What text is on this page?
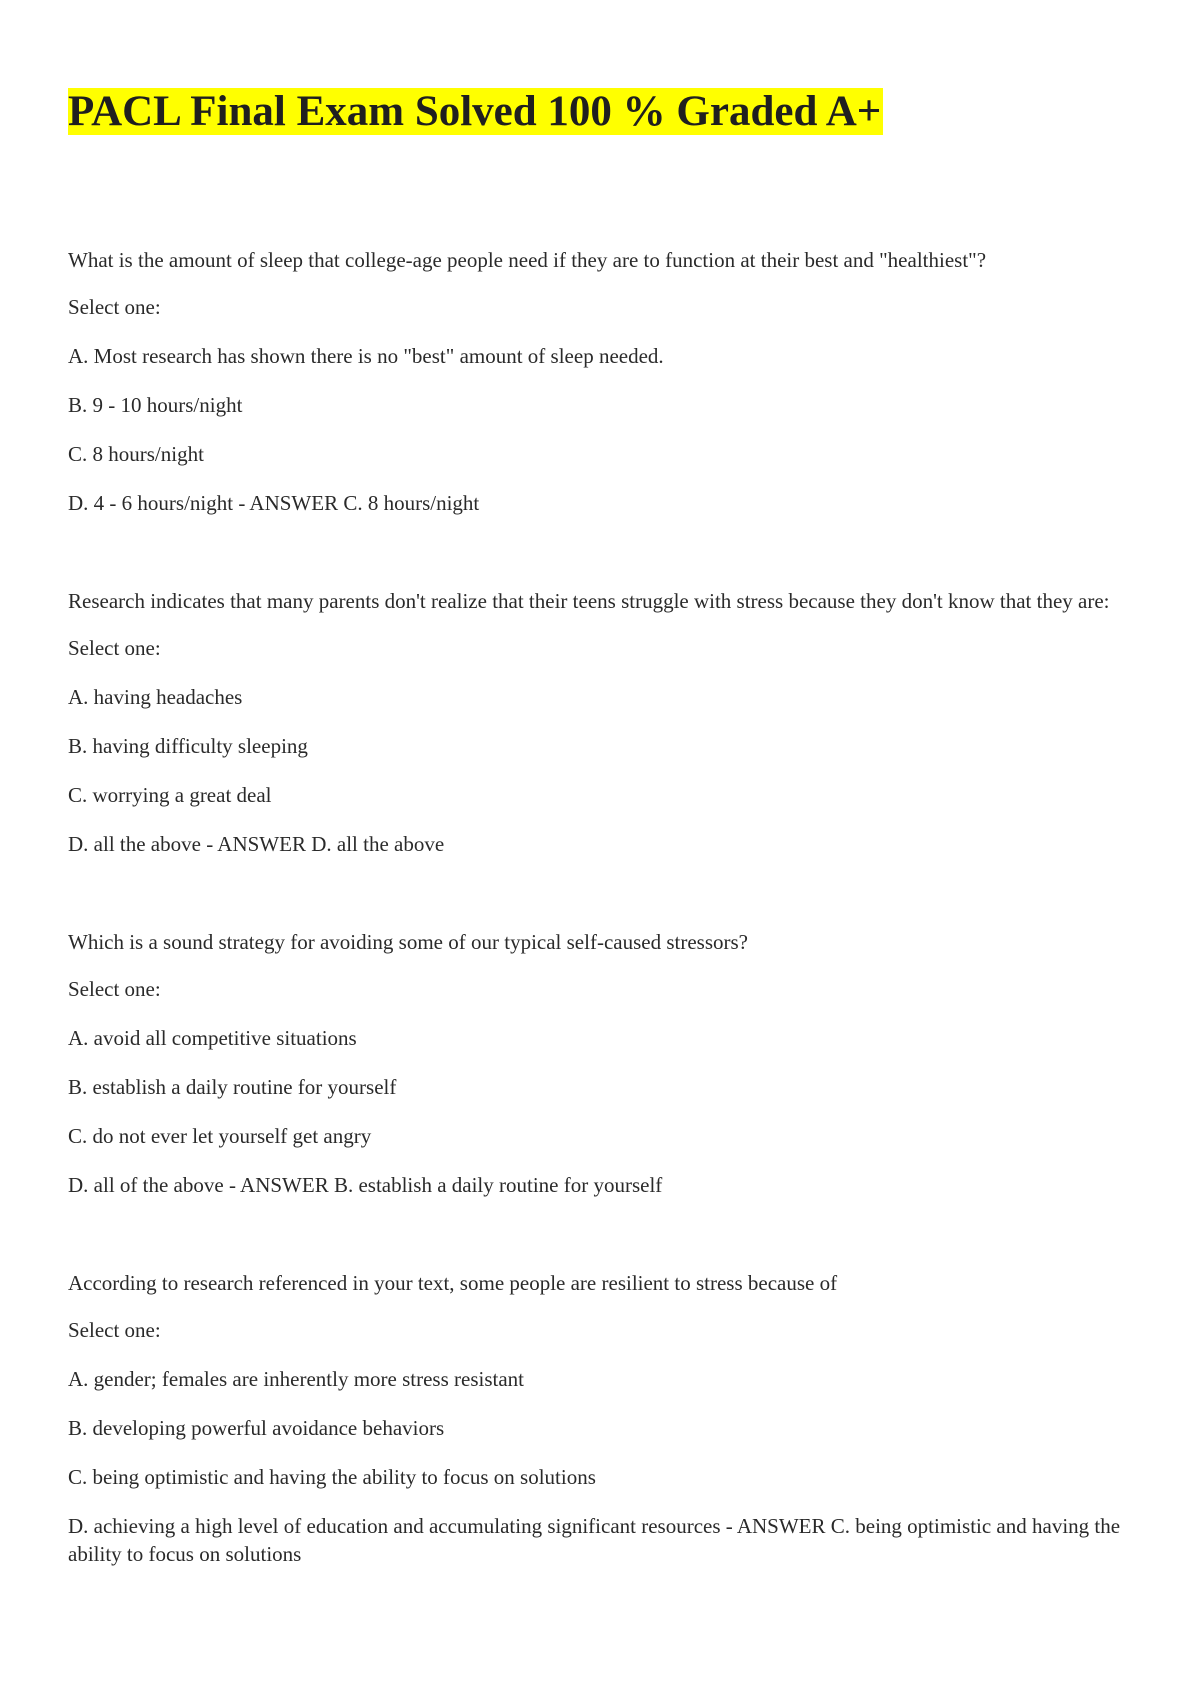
PACL Final Exam Solved 100 % Graded A+

What is the amount of sleep that college-age people need if they are to function at their best and "healthiest"?

Select one:

A. Most research has shown there is no "best" amount of sleep needed.

B. 9 - 10 hours/night

C. 8 hours/night

D. 4 - 6 hours/night - ANSWER C. 8 hours/night

Research indicates that many parents don't realize that their teens struggle with stress because they don't know that they are:

Select one:

A. having headaches

B. having difficulty sleeping

C. worrying a great deal

D. all the above - ANSWER D. all the above

Which is a sound strategy for avoiding some of our typical self-caused stressors?

Select one:

A. avoid all competitive situations

B. establish a daily routine for yourself

C. do not ever let yourself get angry

D. all of the above - ANSWER B. establish a daily routine for yourself

According to research referenced in your text, some people are resilient to stress because of

Select one:

A. gender; females are inherently more stress resistant

B. developing powerful avoidance behaviors

C. being optimistic and having the ability to focus on solutions

D. achieving a high level of education and accumulating significant resources - ANSWER C. being optimistic and having the ability to focus on solutions
